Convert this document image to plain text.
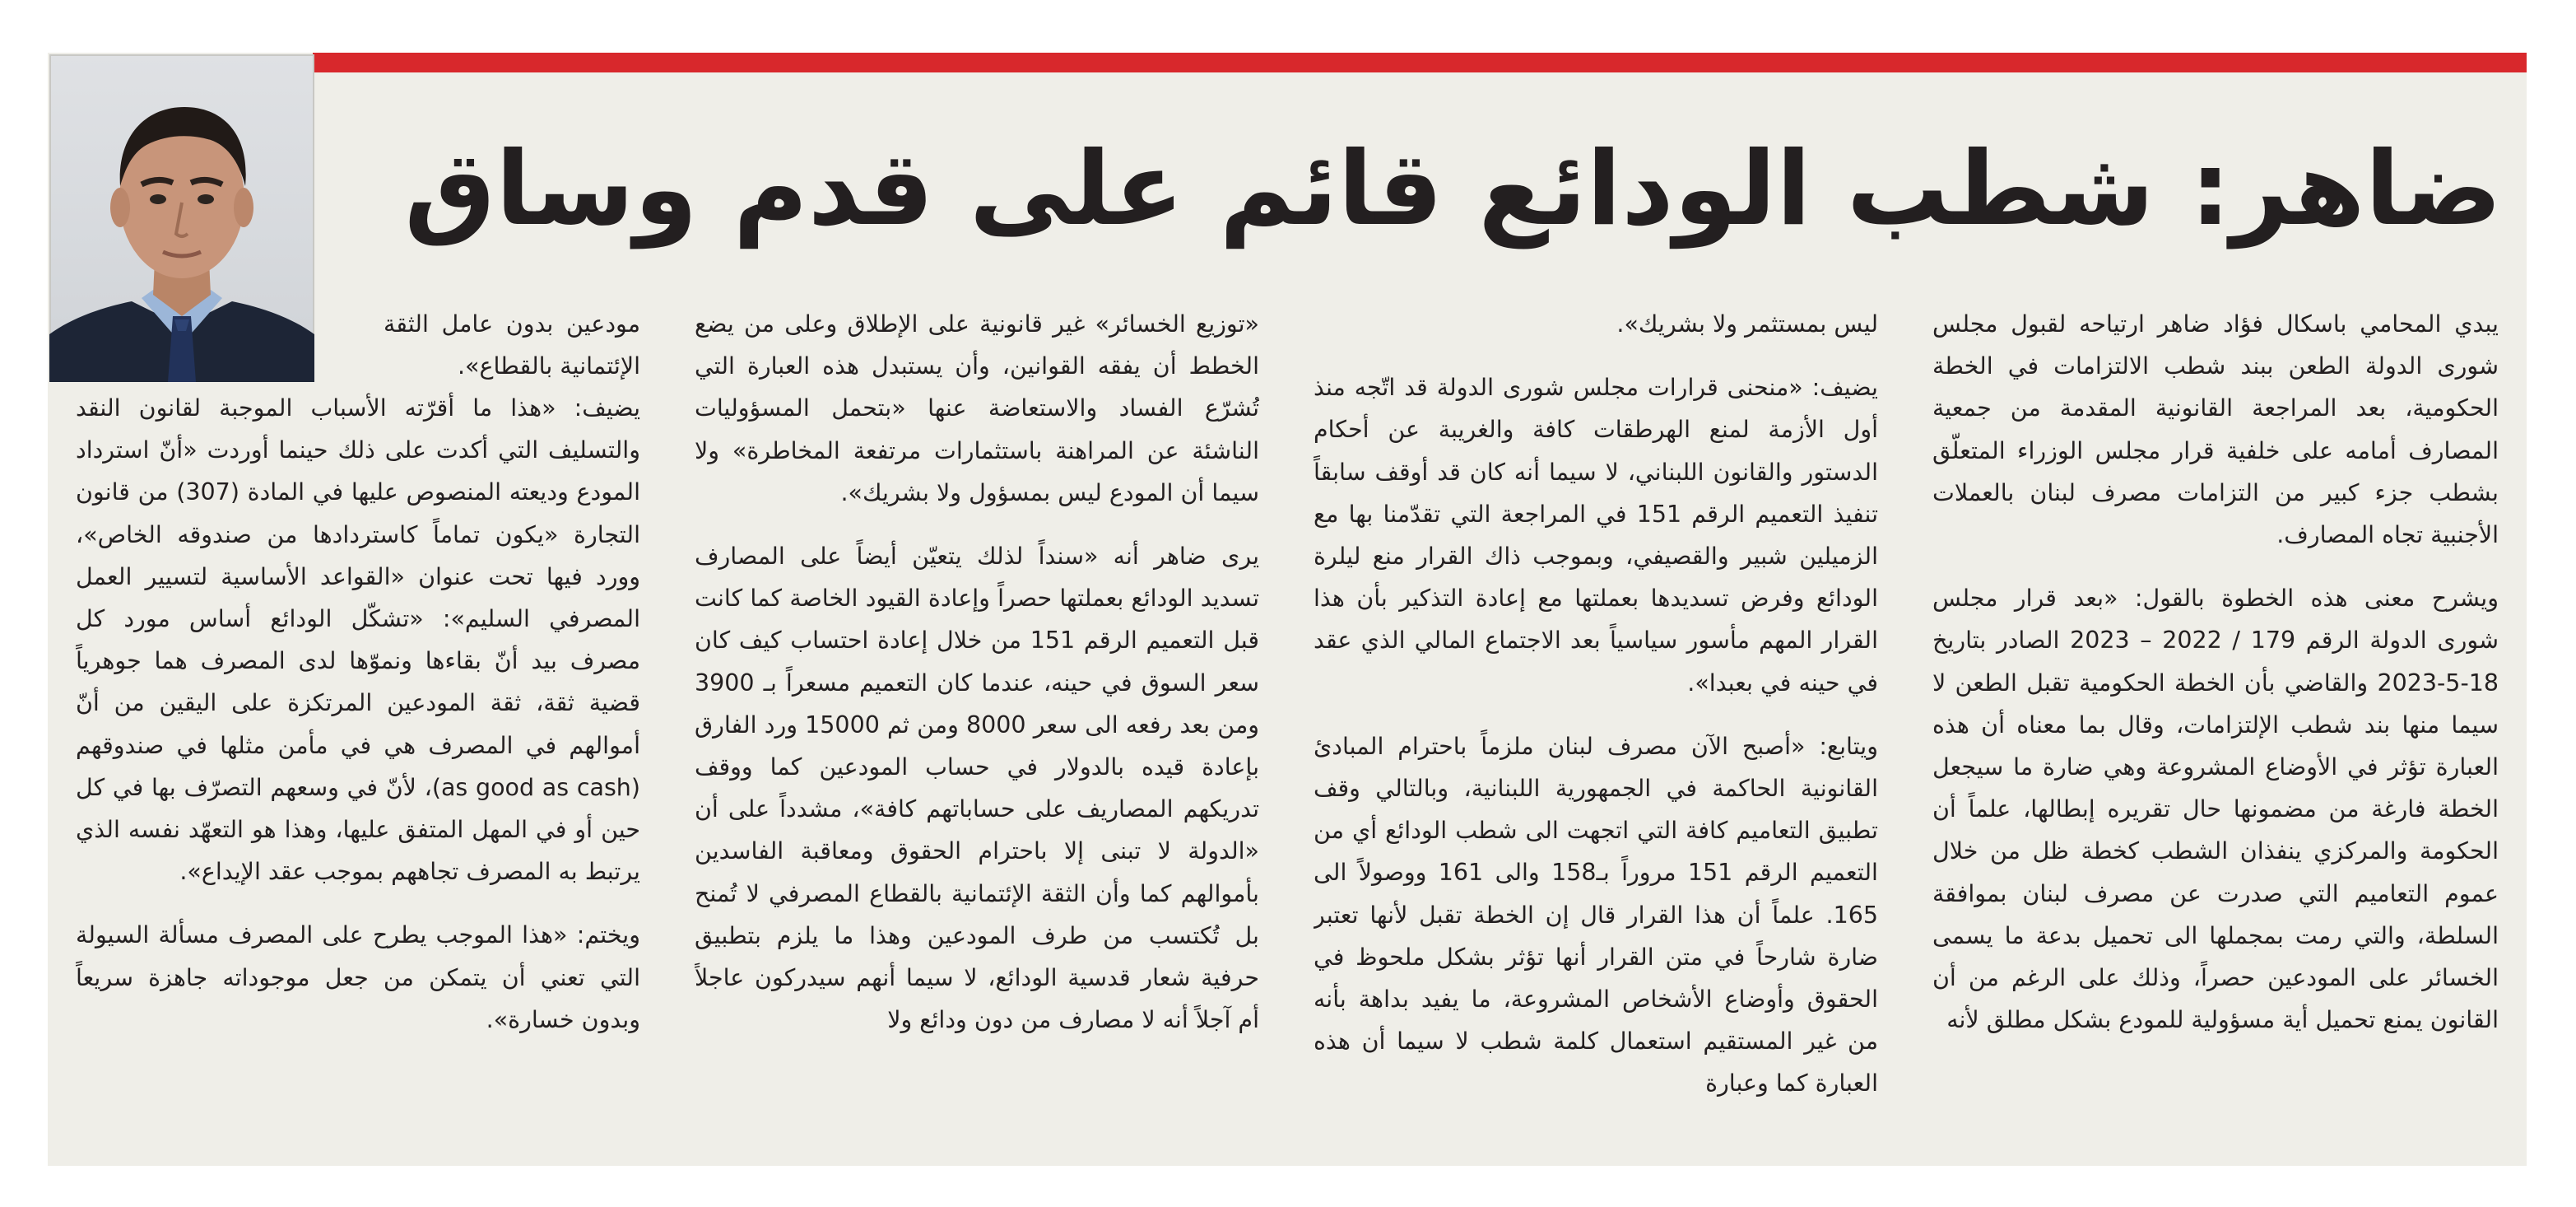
ضاهر: شطب الودائع قائم على قدم وساق

يبدي المحامي باسكال فؤاد ضاهر ارتياحه لقبول مجلس شورى الدولة الطعن ببند شطب الالتزامات في الخطة الحكومية، بعد المراجعة القانونية المقدمة من جمعية المصارف أمامه على خلفية قرار مجلس الوزراء المتعلّق بشطب جزء كبير من التزامات مصرف لبنان بالعملات الأجنبية تجاه المصارف.

ويشرح معنى هذه الخطوة بالقول: «بعد قرار مجلس شورى الدولة الرقم 179 / 2022 – 2023 الصادر بتاريخ 18-5-2023 والقاضي بأن الخطة الحكومية تقبل الطعن لا سيما منها بند شطب الإلتزامات، وقال بما معناه أن هذه العبارة تؤثر في الأوضاع المشروعة وهي ضارة ما سيجعل الخطة فارغة من مضمونها حال تقريره إبطالها، علماً أن الحكومة والمركزي ينفذان الشطب كخطة ظل من خلال عموم التعاميم التي صدرت عن مصرف لبنان بموافقة السلطة، والتي رمت بمجملها الى تحميل بدعة ما يسمى الخسائر على المودعين حصراً، وذلك على الرغم من أن القانون يمنع تحميل أية مسؤولية للمودع بشكل مطلق لأنه

ليس بمستثمر ولا بشريك».

يضيف: «منحنى قرارات مجلس شورى الدولة قد اتّجه منذ أول الأزمة لمنع الهرطقات كافة والغريبة عن أحكام الدستور والقانون اللبناني، لا سيما أنه كان قد أوقف سابقاً تنفيذ التعميم الرقم 151 في المراجعة التي تقدّمنا بها مع الزميلين شبير والقصيفي، وبموجب ذاك القرار منع ليلرة الودائع وفرض تسديدها بعملتها مع إعادة التذكير بأن هذا القرار المهم مأسور سياسياً بعد الاجتماع المالي الذي عقد في حينه في بعبدا».

ويتابع: «أصبح الآن مصرف لبنان ملزماً باحترام المبادئ القانونية الحاكمة في الجمهورية اللبنانية، وبالتالي وقف تطبيق التعاميم كافة التي اتجهت الى شطب الودائع أي من التعميم الرقم 151 مروراً بـ158 والى 161 ووصولاً الى 165. علماً أن هذا القرار قال إن الخطة تقبل لأنها تعتبر ضارة شارحاً في متن القرار أنها تؤثر بشكل ملحوظ في الحقوق وأوضاع الأشخاص المشروعة، ما يفيد بداهة بأنه من غير المستقيم استعمال كلمة شطب لا سيما أن هذه العبارة كما وعبارة

«توزيع الخسائر» غير قانونية على الإطلاق وعلى من يضع الخطط أن يفقه القوانين، وأن يستبدل هذه العبارة التي تُشرّع الفساد والاستعاضة عنها «بتحمل المسؤوليات الناشئة عن المراهنة باستثمارات مرتفعة المخاطرة» ولا سيما أن المودع ليس بمسؤول ولا بشريك».

يرى ضاهر أنه «سنداً لذلك يتعيّن أيضاً على المصارف تسديد الودائع بعملتها حصراً وإعادة القيود الخاصة كما كانت قبل التعميم الرقم 151 من خلال إعادة احتساب كيف كان سعر السوق في حينه، عندما كان التعميم مسعراً بـ 3900 ومن بعد رفعه الى سعر 8000 ومن ثم 15000 ورد الفارق بإعادة قيده بالدولار في حساب المودعين كما ووقف تدريكهم المصاريف على حساباتهم كافة»، مشدداً على أن «الدولة لا تبنى إلا باحترام الحقوق ومعاقبة الفاسدين بأموالهم كما وأن الثقة الإئتمانية بالقطاع المصرفي لا تُمنح بل تُكتسب من طرف المودعين وهذا ما يلزم بتطبيق حرفية شعار قدسية الودائع، لا سيما أنهم سيدركون عاجلاً أم آجلاً أنه لا مصارف من دون ودائع ولا

مودعين بدون عامل الثقة الإئتمانية بالقطاع».

يضيف: «هذا ما أقرّته الأسباب الموجبة لقانون النقد والتسليف التي أكدت على ذلك حينما أوردت «أنّ استرداد المودع وديعته المنصوص عليها في المادة (307) من قانون التجارة «يكون تماماً كاستردادها من صندوقه الخاص»، وورد فيها تحت عنوان «القواعد الأساسية لتسيير العمل المصرفي السليم»: «تشكّل الودائع أساس مورد كل مصرف بيد أنّ بقاءها ونموّها لدى المصرف هما جوهرياً قضية ثقة، ثقة المودعين المرتكزة على اليقين من أنّ أموالهم في المصرف هي في مأمن مثلها في صندوقهم (as good as cash)، لأنّ في وسعهم التصرّف بها في كل حين أو في المهل المتفق عليها، وهذا هو التعهّد نفسه الذي يرتبط به المصرف تجاههم بموجب عقد الإيداع».

ويختم: «هذا الموجب يطرح على المصرف مسألة السيولة التي تعني أن يتمكن من جعل موجوداته جاهزة سريعاً وبدون خسارة».
